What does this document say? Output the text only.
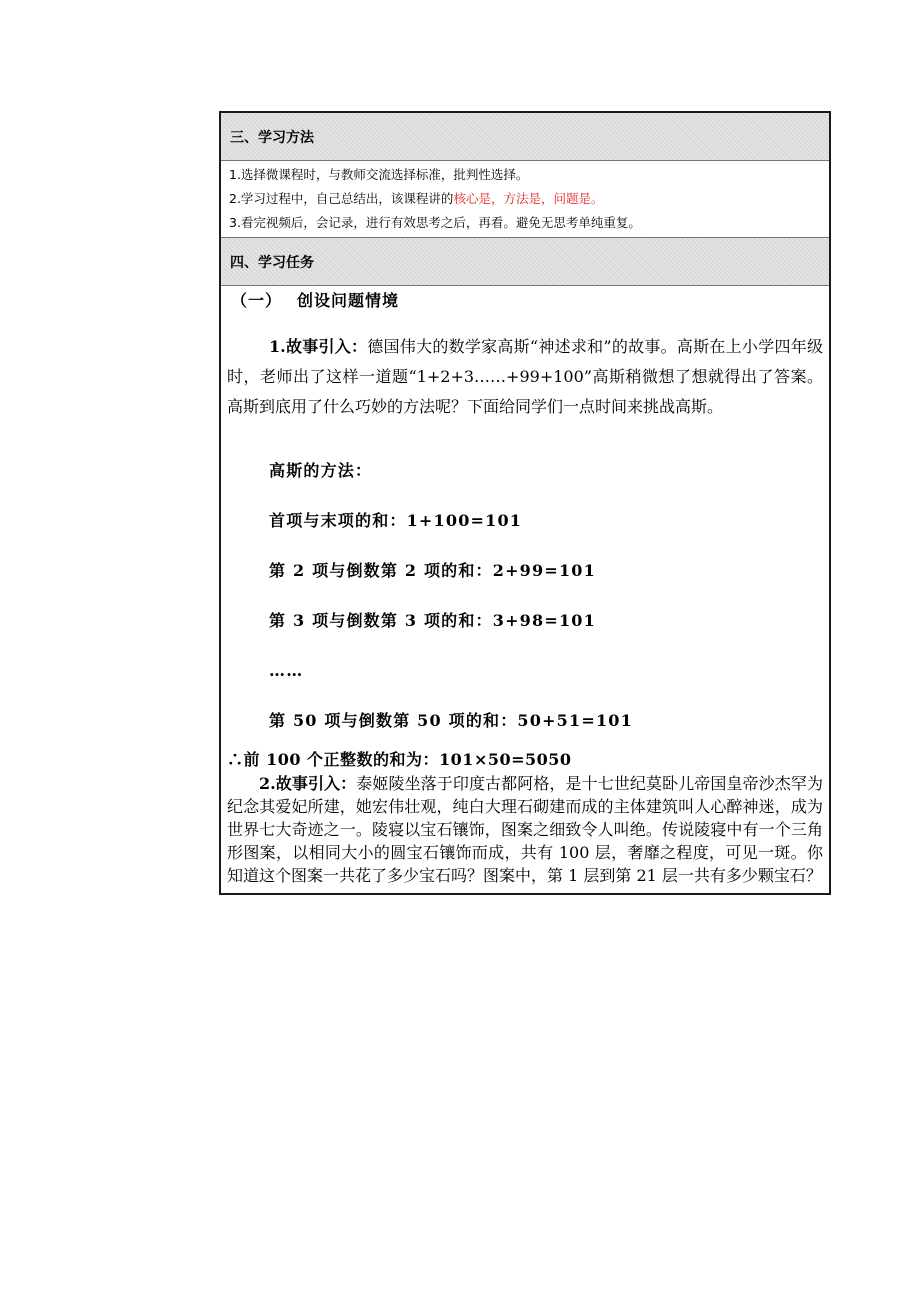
三、学习方法
1.选择微课程时，与教师交流选择标准，批判性选择。
2.学习过程中，自己总结出，该课程讲的核心是，方法是，问题是。
3.看完视频后，会记录，进行有效思考之后，再看。避免无思考单纯重复。
四、学习任务
（一） 创设问题情境

1.故事引入：德国伟大的数学家高斯“神述求和”的故事。高斯在上小学四年级时，老师出了这样一道题“1+2+3……+99+100”高斯稍微想了想就得出了答案。高斯到底用了什么巧妙的方法呢？下面给同学们一点时间来挑战高斯。

高斯的方法：
首项与末项的和：1+100=101
第 2 项与倒数第 2 项的和：2+99=101
第 3 项与倒数第 3 项的和：3+98=101
……
第 50 项与倒数第 50 项的和：50+51=101
∴前 100 个正整数的和为：101×50=5050

2.故事引入：泰姬陵坐落于印度古都阿格，是十七世纪莫卧儿帝国皇帝沙杰罕为纪念其爱妃所建，她宏伟壮观，纯白大理石砌建而成的主体建筑叫人心醉神迷，成为世界七大奇迹之一。陵寝以宝石镶饰，图案之细致令人叫绝。传说陵寝中有一个三角形图案，以相同大小的圆宝石镶饰而成，共有 100 层，奢靡之程度，可见一斑。你知道这个图案一共花了多少宝石吗？图案中，第 1 层到第 21 层一共有多少颗宝石？
